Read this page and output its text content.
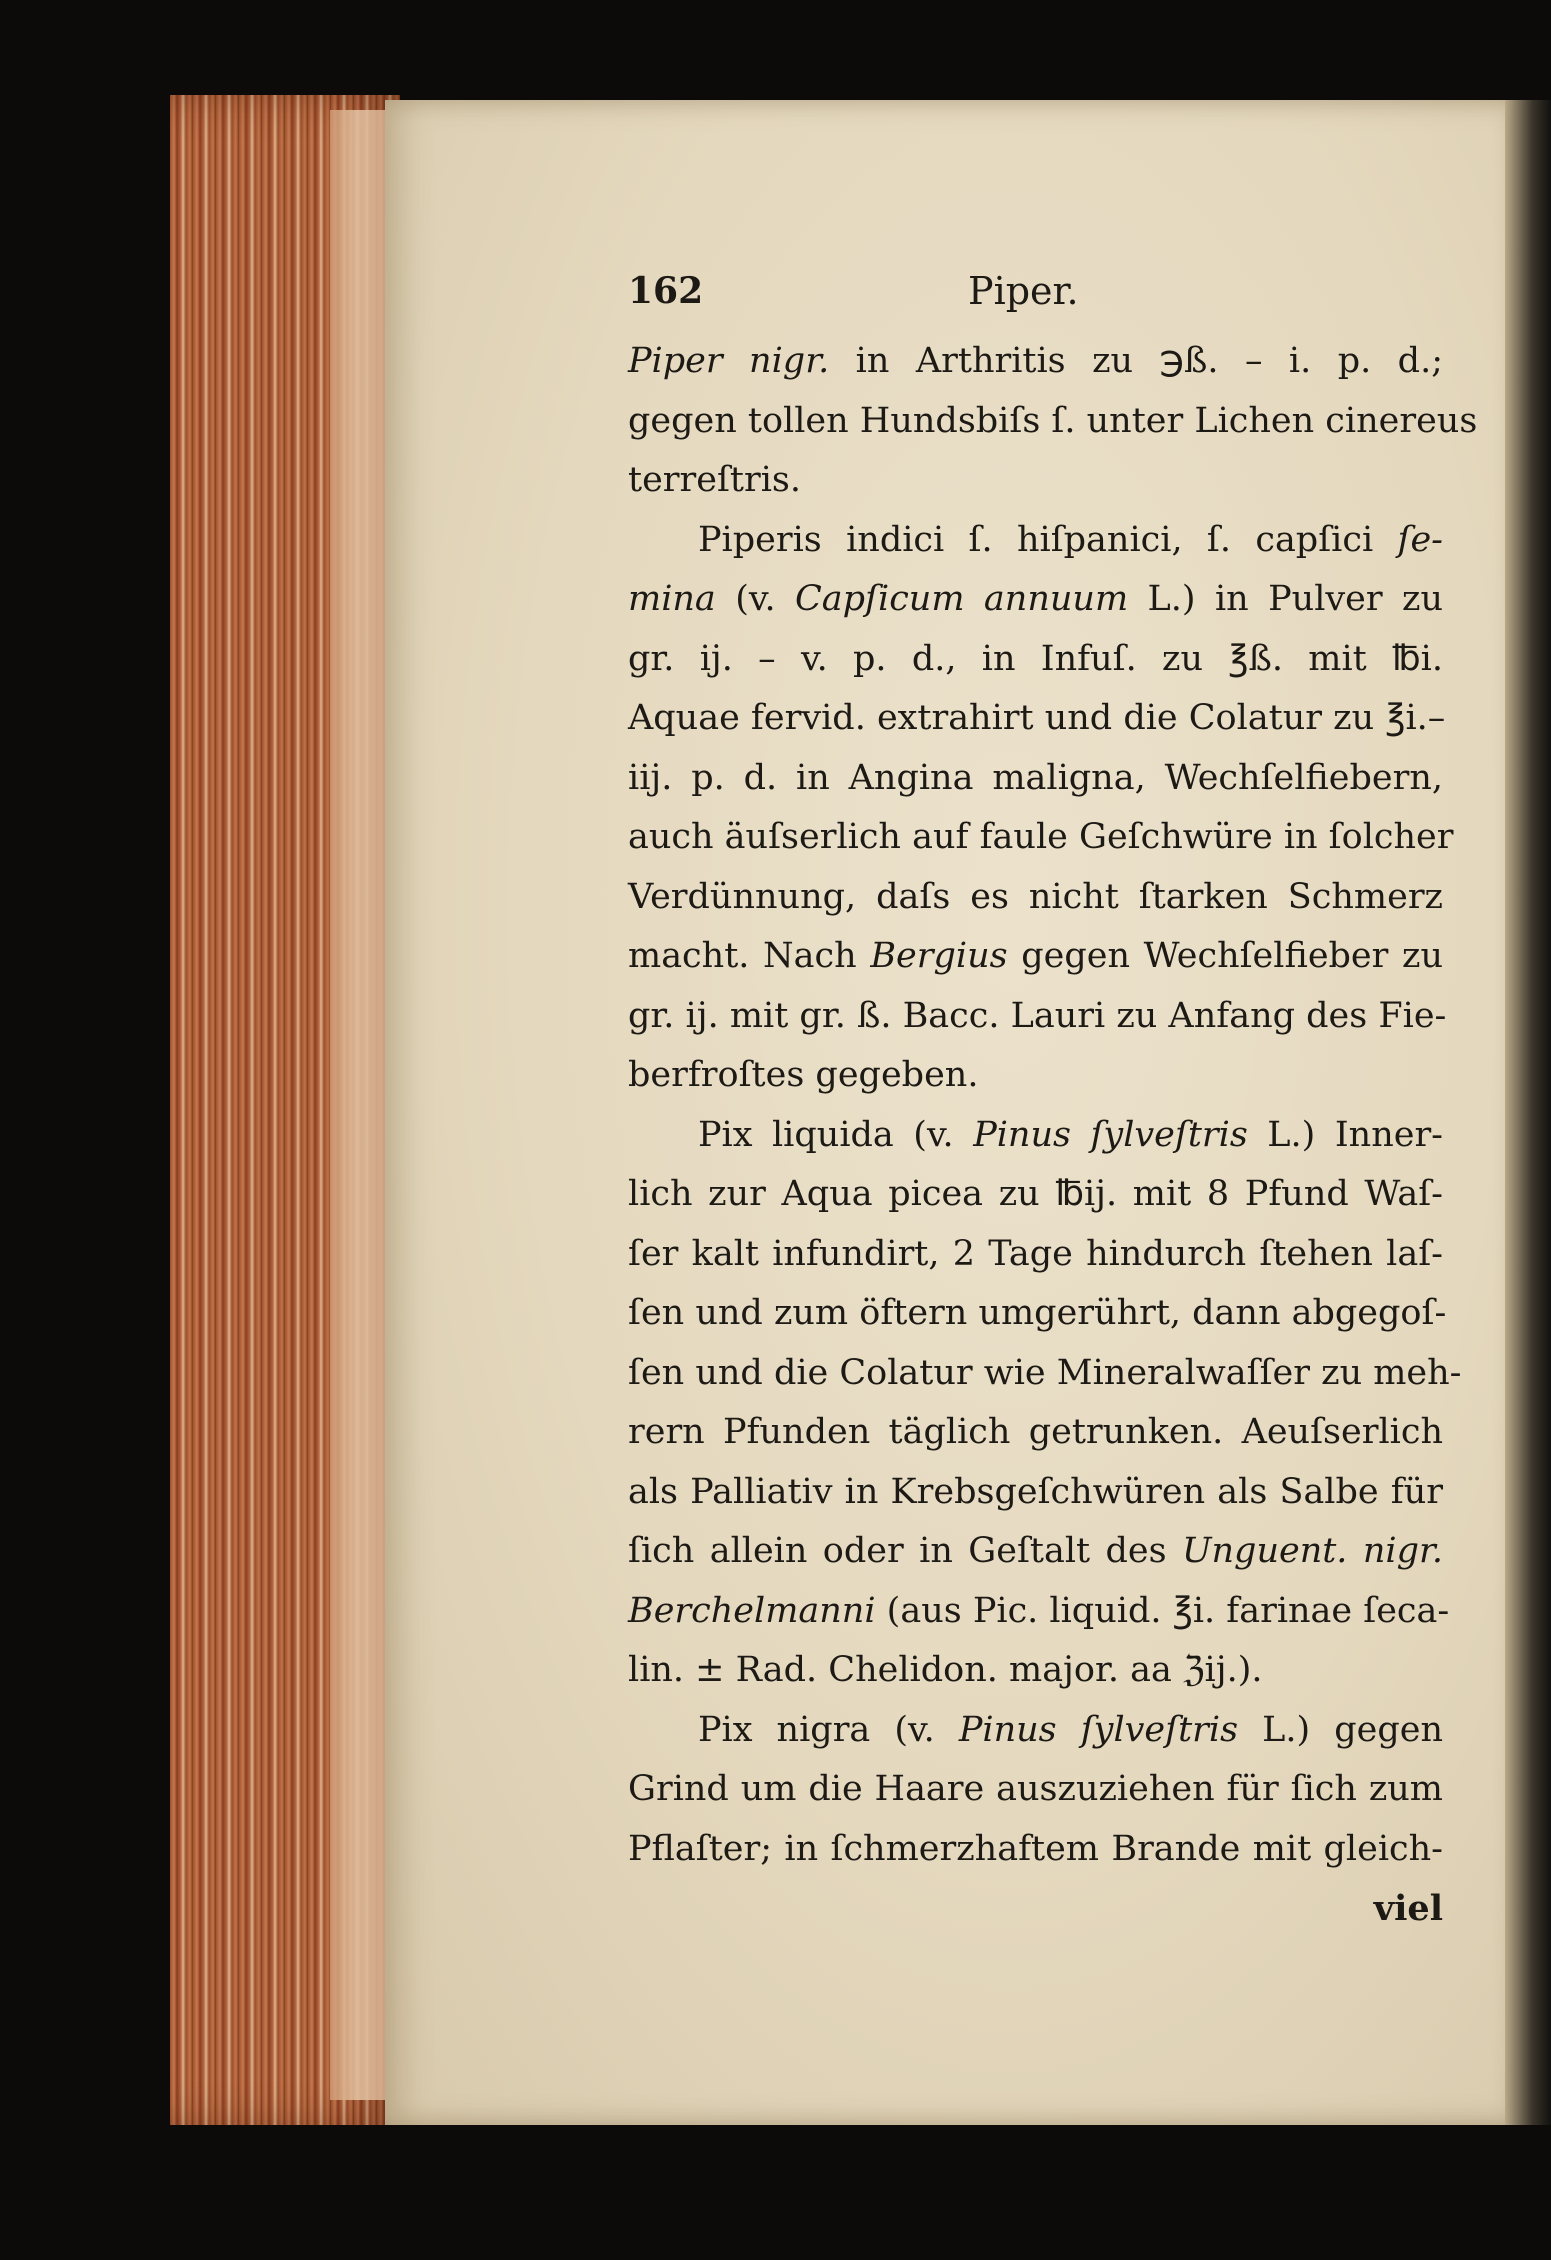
162	Piper.
Piper nigr. in Arthritis zu ℈ß. – i. p. d.;
gegen tollen Hundsbiſs ſ. unter Lichen cinereus
terreſtris.
Piperis indici ſ. hiſpanici, ſ. capſici ſe-
mina (v. Capſicum annuum L.) in Pulver zu
gr. ij. – v. p. d., in Infuſ. zu ℥ß. mit ℔i.
Aquae fervid. extrahirt und die Colatur zu ℥i.–
iij. p. d. in Angina maligna, Wechſelfiebern,
auch äuſserlich auf faule Geſchwüre in ſolcher
Verdünnung, daſs es nicht ſtarken Schmerz
macht. Nach Bergius gegen Wechſelfieber zu
gr. ij. mit gr. ß. Bacc. Lauri zu Anfang des Fie-
berfroſtes gegeben.
Pix liquida (v. Pinus ſylveſtris L.) Inner-
lich zur Aqua picea zu ℔ij. mit 8 Pfund Waſ-
ſer kalt infundirt, 2 Tage hindurch ſtehen laſ-
ſen und zum öftern umgerührt, dann abgegoſ-
ſen und die Colatur wie Mineralwaſſer zu meh-
rern Pfunden täglich getrunken. Aeuſserlich
als Palliativ in Krebsgeſchwüren als Salbe für
ſich allein oder in Geſtalt des Unguent. nigr.
Berchelmanni (aus Pic. liquid. ℥i. farinae ſeca-
lin. ± Rad. Chelidon. major. aa ℨij.).
Pix nigra (v. Pinus ſylveſtris L.) gegen
Grind um die Haare auszuziehen für ſich zum
Pflaſter; in ſchmerzhaftem Brande mit gleich-
viel
